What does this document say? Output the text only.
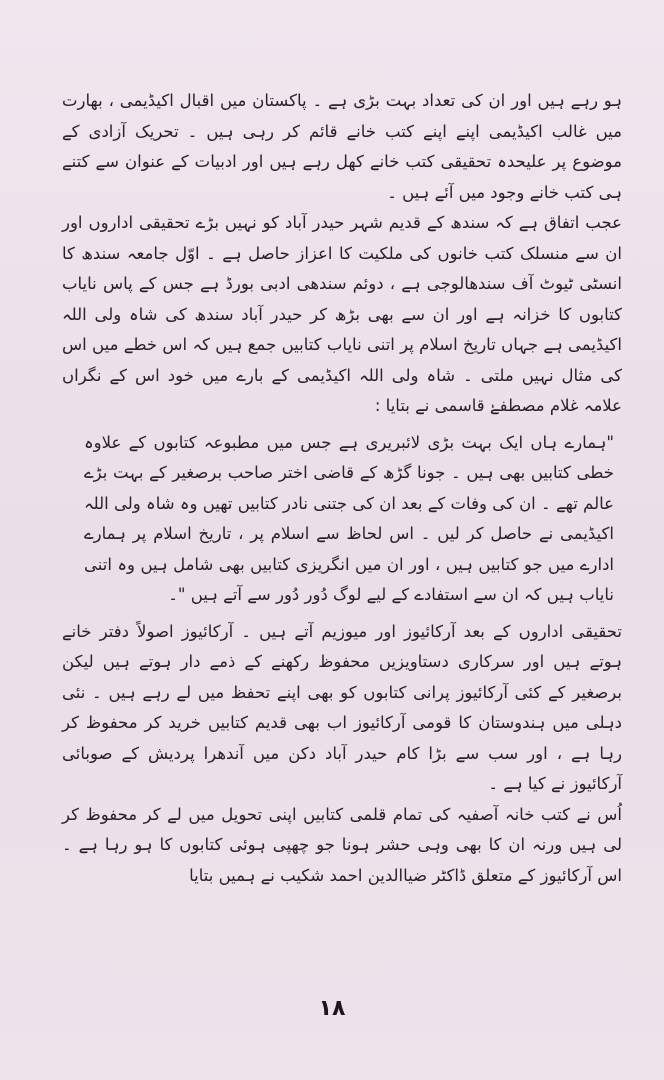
ہو رہے ہیں اور ان کی تعداد بہت بڑی ہے ۔ پاکستان میں اقبال اکیڈیمی ، بھارت میں غالب اکیڈیمی اپنے اپنے کتب خانے قائم کر رہی ہیں ۔ تحریک آزادی کے موضوع پر علیحدہ تحقیقی کتب خانے کھل رہے ہیں اور ادبیات کے عنوان سے کتنے ہی کتب خانے وجود میں آئے ہیں ۔

عجب اتفاق ہے کہ سندھ کے قدیم شہر حیدر آباد کو نہیں بڑے تحقیقی اداروں اور ان سے منسلک کتب خانوں کی ملکیت کا اعزاز حاصل ہے ۔ اوّل جامعہ سندھ کا انسٹی ٹیوٹ آف سندھالوجی ہے ، دوئم سندھی ادبی بورڈ ہے جس کے پاس نایاب کتابوں کا خزانہ ہے اور ان سے بھی بڑھ کر حیدر آباد سندھ کی شاہ ولی اللہ اکیڈیمی ہے جہاں تاریخ اسلام پر اتنی نایاب کتابیں جمع ہیں کہ اس خطے میں اس کی مثال نہیں ملتی ۔ شاہ ولی اللہ اکیڈیمی کے بارے میں خود اس کے نگراں علامہ غلام مصطفےٰ قاسمی نے بتایا :

"ہمارے ہاں ایک بہت بڑی لائبریری ہے جس میں مطبوعہ کتابوں کے علاوہ خطی کتابیں بھی ہیں ۔ جونا گڑھ کے قاضی اختر صاحب برصغیر کے بہت بڑے عالم تھے ۔ ان کی وفات کے بعد ان کی جتنی نادر کتابیں تھیں وہ شاہ ولی اللہ اکیڈیمی نے حاصل کر لیں ۔ اس لحاظ سے اسلام پر ، تاریخ اسلام پر ہمارے ادارے میں جو کتابیں ہیں ، اور ان میں انگریزی کتابیں بھی شامل ہیں وہ اتنی نایاب ہیں کہ ان سے استفادے کے لیے لوگ دُور دُور سے آتے ہیں "۔

تحقیقی اداروں کے بعد آرکائیوز اور میوزیم آتے ہیں ۔ آرکائیوز اصولاً دفتر خانے ہوتے ہیں اور سرکاری دستاویزیں محفوظ رکھنے کے ذمے دار ہوتے ہیں لیکن برصغیر کے کئی آرکائیوز پرانی کتابوں کو بھی اپنے تحفظ میں لے رہے ہیں ۔ نئی دہلی میں ہندوستان کا قومی آرکائیوز اب بھی قدیم کتابیں خرید کر محفوظ کر رہا ہے ، اور سب سے بڑا کام حیدر آباد دکن میں آندھرا پردیش کے صوبائی آرکائیوز نے کیا ہے ۔

اُس نے کتب خانہ آصفیہ کی تمام قلمی کتابیں اپنی تحویل میں لے کر محفوظ کر لی ہیں ورنہ ان کا بھی وہی حشر ہونا جو چھپی ہوئی کتابوں کا ہو رہا ہے ۔ اس آرکائیوز کے متعلق ڈاکٹر ضیاالدین احمد شکیب نے ہمیں بتایا

۱۸
